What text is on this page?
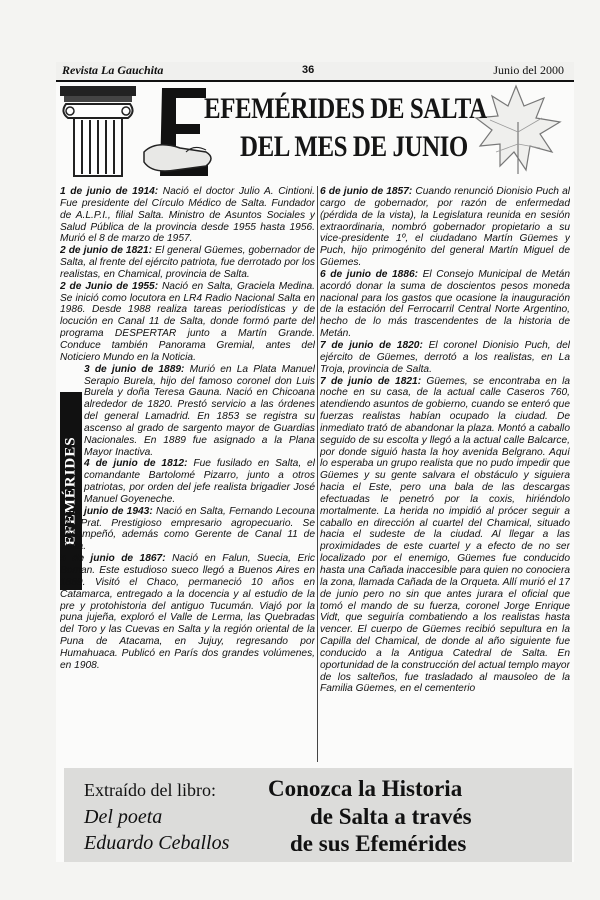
Revista La Gauchita	36	Junio del 2000
EFEMÉRIDES DE SALTA
DEL MES DE JUNIO
EFEMÉRIDES

1 de junio de 1914: Nació el doctor Julio A. Cintioni. Fue presidente del Círculo Médico de Salta. Fundador de A.L.P.I., filial Salta. Ministro de Asuntos Sociales y Salud Pública de la provincia desde 1955 hasta 1956. Murió el 8 de marzo de 1957.

2 de junio de 1821: El general Güemes, gobernador de Salta, al frente del ejército patriota, fue derrotado por los realistas, en Chamical, provincia de Salta.

2 de Junio de 1955: Nació en Salta, Graciela Medina. Se inició como locutora en LR4 Radio Nacional Salta en 1986. Desde 1988 realiza tareas periodísticas y de locución en Canal 11 de Salta, donde formó parte del programa DESPERTAR junto a Martín Grande. Conduce también Panorama Gremial, antes del Noticiero Mundo en la Noticia.

3 de junio de 1889: Murió en La Plata Manuel Serapio Burela, hijo del famoso coronel don Luis Burela y doña Teresa Gauna. Nació en Chicoana alrededor de 1820. Prestó servicio a las órdenes del general Lamadrid. En 1853 se registra su ascenso al grado de sargento mayor de Guardias Nacionales. En 1889 fue asignado a la Plana Mayor Inactiva.

4 de junio de 1812: Fue fusilado en Salta, el comandante Bartolomé Pizarro, junto a otros patriotas, por orden del jefe realista brigadier José Manuel Goyeneche.

4 de junio de 1943: Nació en Salta, Fernando Lecouna de Prat. Prestigioso empresario agropecuario. Se desempeñó, además como Gerente de Canal 11 de Salta.

5 de junio de 1867: Nació en Falun, Suecia, Eric Boman. Este estudioso sueco llegó a Buenos Aires en 1889. Visitó el Chaco, permaneció 10 años en Catamarca, entregado a la docencia y al estudio de la pre y protohistoria del antiguo Tucumán. Viajó por la puna jujeña, exploró el Valle de Lerma, las Quebradas del Toro y las Cuevas en Salta y la región oriental de la Puna de Atacama, en Jujuy, regresando por Humahuaca. Publicó en París dos grandes volúmenes, en 1908.

6 de junio de 1857: Cuando renunció Dionisio Puch al cargo de gobernador, por razón de enfermedad (pérdida de la vista), la Legislatura reunida en sesión extraordinaria, nombró gobernador propietario a su vice-presidente 1º, el ciudadano Martín Güemes y Puch, hijo primogénito del general Martín Miguel de Güemes.

6 de junio de 1886: El Consejo Municipal de Metán acordó donar la suma de doscientos pesos moneda nacional para los gastos que ocasione la inauguración de la estación del Ferrocarril Central Norte Argentino, hecho de lo más trascendentes de la historia de Metán.

7 de junio de 1820: El coronel Dionisio Puch, del ejército de Güemes, derrotó a los realistas, en La Troja, provincia de Salta.

7 de junio de 1821: Güemes, se encontraba en la noche en su casa, de la actual calle Caseros 760, atendiendo asuntos de gobierno, cuando se enteró que fuerzas realistas habían ocupado la ciudad. De inmediato trató de abandonar la plaza. Montó a caballo seguido de su escolta y llegó a la actual calle Balcarce, por donde siguió hasta la hoy avenida Belgrano. Aquí lo esperaba un grupo realista que no pudo impedir que Güemes y su gente salvara el obstáculo y siguiera hacia el Este, pero una bala de las descargas efectuadas le penetró por la coxis, hiriéndolo mortalmente. La herida no impidió al prócer seguir a caballo en dirección al cuartel del Chamical, situado hacia el sudeste de la ciudad. Al llegar a las proximidades de este cuartel y a efecto de no ser localizado por el enemigo, Güemes fue conducido hasta una Cañada inaccesible para quien no conociera la zona, llamada Cañada de la Orqueta. Allí murió el 17 de junio pero no sin que antes jurara el oficial que tomó el mando de su fuerza, coronel Jorge Enrique Vidt, que seguiría combatiendo a los realistas hasta vencer. El cuerpo de Güemes recibió sepultura en la Capilla del Chamical, de donde al año siguiente fue conducido a la Antigua Catedral de Salta. En oportunidad de la construcción del actual templo mayor de los salteños, fue trasladado al mausoleo de la Familia Güemes, en el cementerio

Extraído del libro:
Del poeta
Eduardo Ceballos
Conozca la Historia
de Salta a través
de sus Efemérides
